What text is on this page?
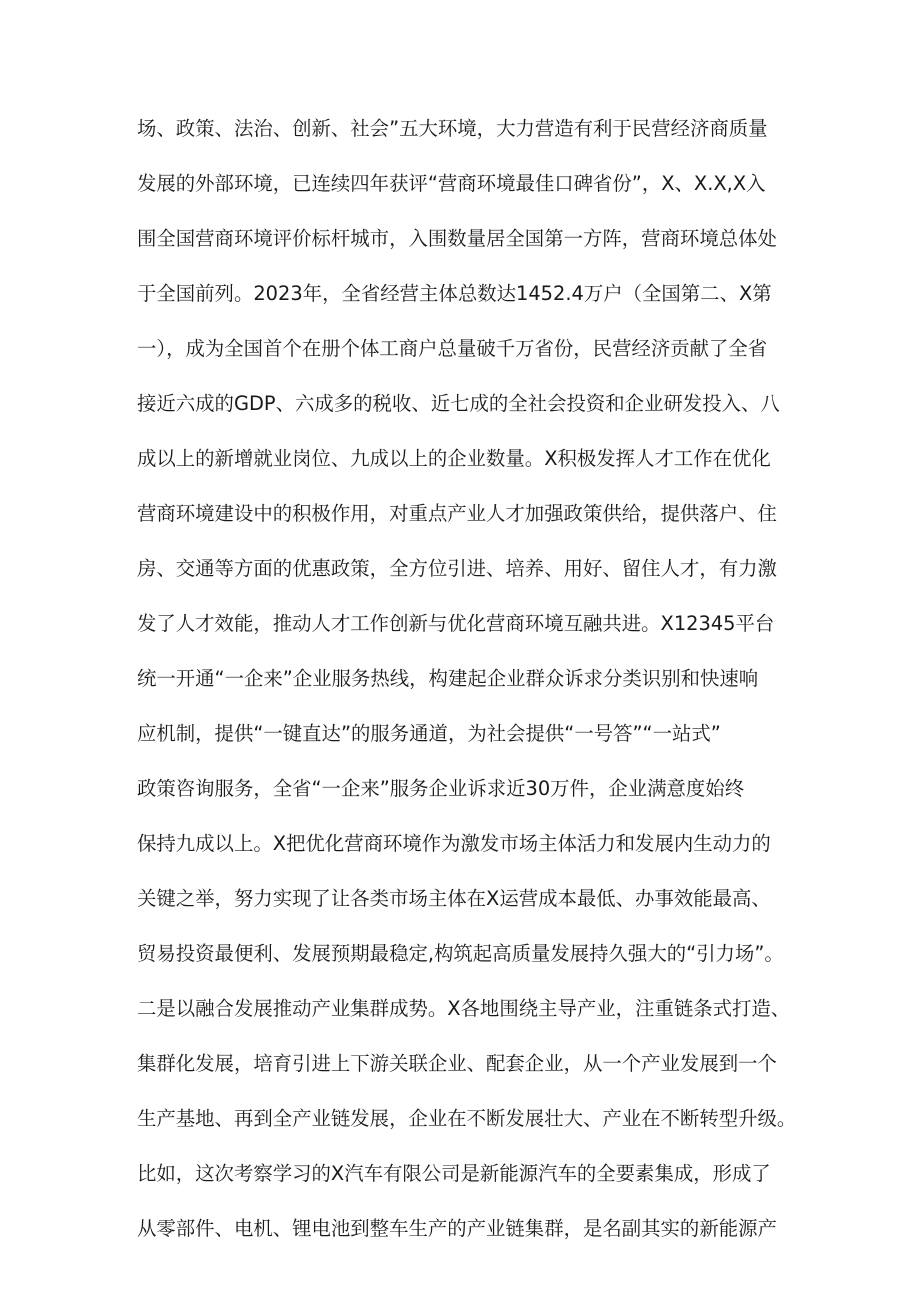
场、政策、法治、创新、社会”五大环境，大力营造有利于民营经济商质量
发展的外部环境，已连续四年获评“营商环境最佳口碑省份”，X、X.X,X入
围全国营商环境评价标杆城市，入围数量居全国第一方阵，营商环境总体处
于全国前列。2023年，全省经营主体总数达1452.4万户（全国第二、X第
一），成为全国首个在册个体工商户总量破千万省份，民营经济贡献了全省
接近六成的GDP、六成多的税收、近七成的全社会投资和企业研发投入、八
成以上的新增就业岗位、九成以上的企业数量。X积极发挥人才工作在优化
营商环境建设中的积极作用，对重点产业人才加强政策供给，提供落户、住
房、交通等方面的优惠政策，全方位引进、培养、用好、留住人才，有力激
发了人才效能，推动人才工作创新与优化营商环境互融共进。X12345平台
统一开通“一企来”企业服务热线，构建起企业群众诉求分类识别和快速响
应机制，提供“一键直达”的服务通道，为社会提供“一号答”“一站式”
政策咨询服务，全省“一企来”服务企业诉求近30万件，企业满意度始终
保持九成以上。X把优化营商环境作为激发市场主体活力和发展内生动力的
关键之举，努力实现了让各类市场主体在X运营成本最低、办事效能最高、
贸易投资最便利、发展预期最稳定,构筑起高质量发展持久强大的“引力场”。
二是以融合发展推动产业集群成势。X各地围绕主导产业，注重链条式打造、
集群化发展，培育引进上下游关联企业、配套企业，从一个产业发展到一个
生产基地、再到全产业链发展，企业在不断发展壮大、产业在不断转型升级。
比如，这次考察学习的X汽车有限公司是新能源汽车的全要素集成，形成了
从零部件、电机、锂电池到整车生产的产业链集群，是名副其实的新能源产
